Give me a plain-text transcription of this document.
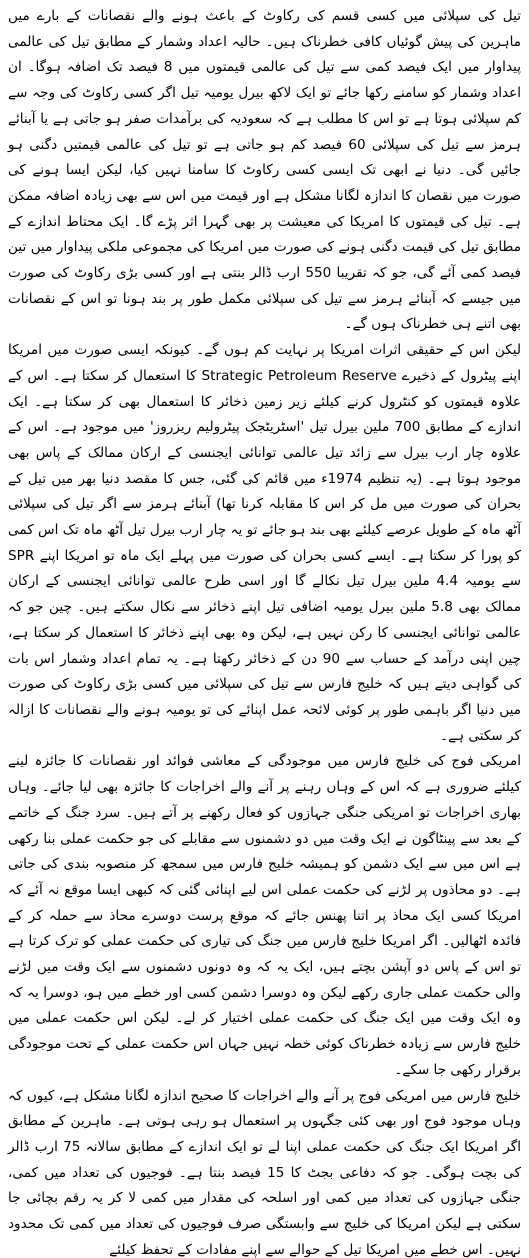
تیل کی سپلائی میں کسی قسم کی رکاوٹ کے باعث ہونے والے نقصانات کے بارے میں ماہرین کی پیش گوئیاں کافی خطرناک ہیں۔ حالیہ اعداد وشمار کے مطابق تیل کی عالمی پیداوار میں ایک فیصد کمی سے تیل کی عالمی قیمتوں میں 8 فیصد تک اضافہ ہوگا۔ ان اعداد وشمار کو سامنے رکھا جائے تو ایک لاکھ بیرل یومیہ تیل اگر کسی رکاوٹ کی وجہ سے کم سپلائی ہوتا ہے تو اس کا مطلب ہے کہ سعودیہ کی برآمدات صفر ہو جاتی ہے یا آبنائے ہرمز سے تیل کی سپلائی 60 فیصد کم ہو جاتی ہے تو تیل کی عالمی قیمتیں دگنی ہو جائیں گی۔ دنیا نے ابھی تک ایسی کسی رکاوٹ کا سامنا نہیں کیا، لیکن ایسا ہونے کی صورت میں نقصان کا اندازہ لگانا مشکل ہے اور قیمت میں اس سے بھی زیادہ اضافہ ممکن ہے۔ تیل کی قیمتوں کا امریکا کی معیشت پر بھی گہرا اثر پڑے گا۔ ایک محتاط اندازے کے مطابق تیل کی قیمت دگنی ہونے کی صورت میں امریکا کی مجموعی ملکی پیداوار میں تین فیصد کمی آئے گی، جو کہ تقریبا 550 ارب ڈالر بنتی ہے اور کسی بڑی رکاوٹ کی صورت میں جیسے کہ آبنائے ہرمز سے تیل کی سپلائی مکمل طور پر بند ہونا تو اس کے نقصانات بھی اتنے ہی خطرناک ہوں گے۔

لیکن اس کے حقیقی اثرات امریکا پر نہایت کم ہوں گے۔ کیونکہ ایسی صورت میں امریکا اپنے پیٹرول کے ذخیرے Strategic Petroleum Reserve کا استعمال کر سکتا ہے۔ اس کے علاوہ قیمتوں کو کنٹرول کرنے کیلئے زیر زمین ذخائر کا استعمال بھی کر سکتا ہے۔ ایک اندازے کے مطابق 700 ملین بیرل تیل 'اسٹریٹجک پیٹرولیم ریزروز' میں موجود ہے۔ اس کے علاوہ چار ارب بیرل سے زائد تیل عالمی توانائی ایجنسی کے ارکان ممالک کے پاس بھی موجود ہوتا ہے۔ (یہ تنظیم 1974ء میں قائم کی گئی، جس کا مقصد دنیا بھر میں تیل کے بحران کی صورت میں مل کر اس کا مقابلہ کرنا تھا) آبنائے ہرمز سے اگر تیل کی سپلائی آٹھ ماہ کے طویل عرصے کیلئے بھی بند ہو جائے تو یہ چار ارب بیرل تیل آٹھ ماہ تک اس کمی کو پورا کر سکتا ہے۔ ایسے کسی بحران کی صورت میں پہلے ایک ماہ تو امریکا اپنے SPR سے یومیہ 4.4 ملین بیرل تیل نکالے گا اور اسی طرح عالمی توانائی ایجنسی کے ارکان ممالک بھی 5.8 ملین بیرل یومیہ اضافی تیل اپنے ذخائر سے نکال سکتے ہیں۔ چین جو کہ عالمی توانائی ایجنسی کا رکن نہیں ہے، لیکن وہ بھی اپنے ذخائر کا استعمال کر سکتا ہے، چین اپنی درآمد کے حساب سے 90 دن کے ذخائر رکھتا ہے۔ یہ تمام اعداد وشمار اس بات کی گواہی دیتے ہیں کہ خلیج فارس سے تیل کی سپلائی میں کسی بڑی رکاوٹ کی صورت میں دنیا اگر باہمی طور پر کوئی لائحہ عمل اپنائے کی تو یومیہ ہونے والے نقصانات کا ازالہ کر سکتی ہے۔

امریکی فوج کی خلیج فارس میں موجودگی کے معاشی فوائد اور نقصانات کا جائزہ لینے کیلئے ضروری ہے کہ اس کے وہاں رہنے پر آنے والے اخراجات کا جائزہ بھی لیا جائے۔ وہاں بھاری اخراجات تو امریکی جنگی جہازوں کو فعال رکھنے پر آتے ہیں۔ سرد جنگ کے خاتمے کے بعد سے پینٹاگون نے ایک وقت میں دو دشمنوں سے مقابلے کی جو حکمت عملی بنا رکھی ہے اس میں سے ایک دشمن کو ہمیشہ خلیج فارس میں سمجھ کر منصوبہ بندی کی جاتی ہے۔ دو محاذوں پر لڑنے کی حکمت عملی اس لیے اپنائی گئی کہ کبھی ایسا موقع نہ آئے کہ امریکا کسی ایک محاذ پر اتنا پھنس جائے کہ موقع پرست دوسرے محاذ سے حملہ کر کے فائدہ اٹھالیں۔ اگر امریکا خلیج فارس میں جنگ کی تیاری کی حکمت عملی کو ترک کرتا ہے تو اس کے پاس دو آپشن بچتے ہیں، ایک یہ کہ وہ دونوں دشمنوں سے ایک وقت میں لڑنے والی حکمت عملی جاری رکھے لیکن وہ دوسرا دشمن کسی اور خطے میں ہو، دوسرا یہ کہ وہ ایک وقت میں ایک جنگ کی حکمت عملی اختیار کر لے۔ لیکن اس حکمت عملی میں خلیج فارس سے زیادہ خطرناک کوئی خطہ نہیں جہاں اس حکمت عملی کے تحت موجودگی برقرار رکھی جا سکے۔

خلیج فارس میں امریکی فوج پر آنے والے اخراجات کا صحیح اندازہ لگانا مشکل ہے، کیوں کہ وہاں موجود فوج اور بھی کئی جگہوں پر استعمال ہو رہی ہوتی ہے۔ ماہرین کے مطابق اگر امریکا ایک جنگ کی حکمت عملی اپنا لے تو ایک اندازے کے مطابق سالانہ 75 ارب ڈالر کی بچت ہوگی۔ جو کہ دفاعی بجٹ کا 15 فیصد بنتا ہے۔ فوجیوں کی تعداد میں کمی، جنگی جہازوں کی تعداد میں کمی اور اسلحہ کی مقدار میں کمی لا کر یہ رقم بچائی جا سکتی ہے لیکن امریکا کی خلیج سے وابستگی صرف فوجیوں کی تعداد میں کمی تک محدود نہیں۔ اس خطے میں امریکا تیل کے حوالے سے اپنے مفادات کے تحفظ کیلئے
